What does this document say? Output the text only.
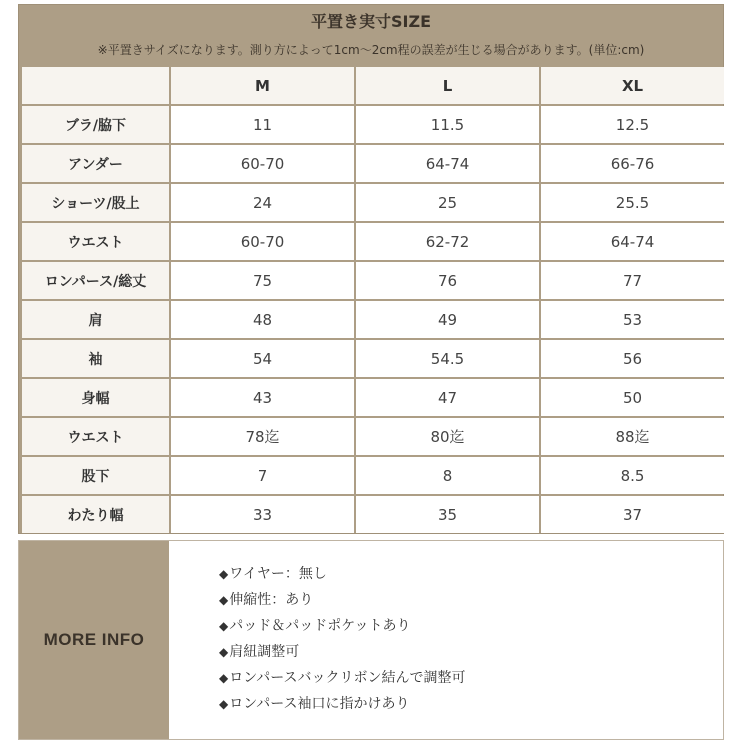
平置き実寸SIZE
※平置きサイズになります。測り方によって1cm～2cm程の誤差が生じる場合があります。(単位:cm)
	M	L	XL
ブラ/脇下	11	11.5	12.5
アンダー	60-70	64-74	66-76
ショーツ/股上	24	25	25.5
ウエスト	60-70	62-72	64-74
ロンパース/総丈	75	76	77
肩	48	49	53
袖	54	54.5	56
身幅	43	47	50
ウエスト	78迄	80迄	88迄
股下	7	8	8.5
わたり幅	33	35	37
MORE INFO
◆ワイヤー：無し
◆伸縮性：あり
◆パッド＆パッドポケットあり
◆肩紐調整可
◆ロンパースバックリボン結んで調整可
◆ロンパース袖口に指かけあり
